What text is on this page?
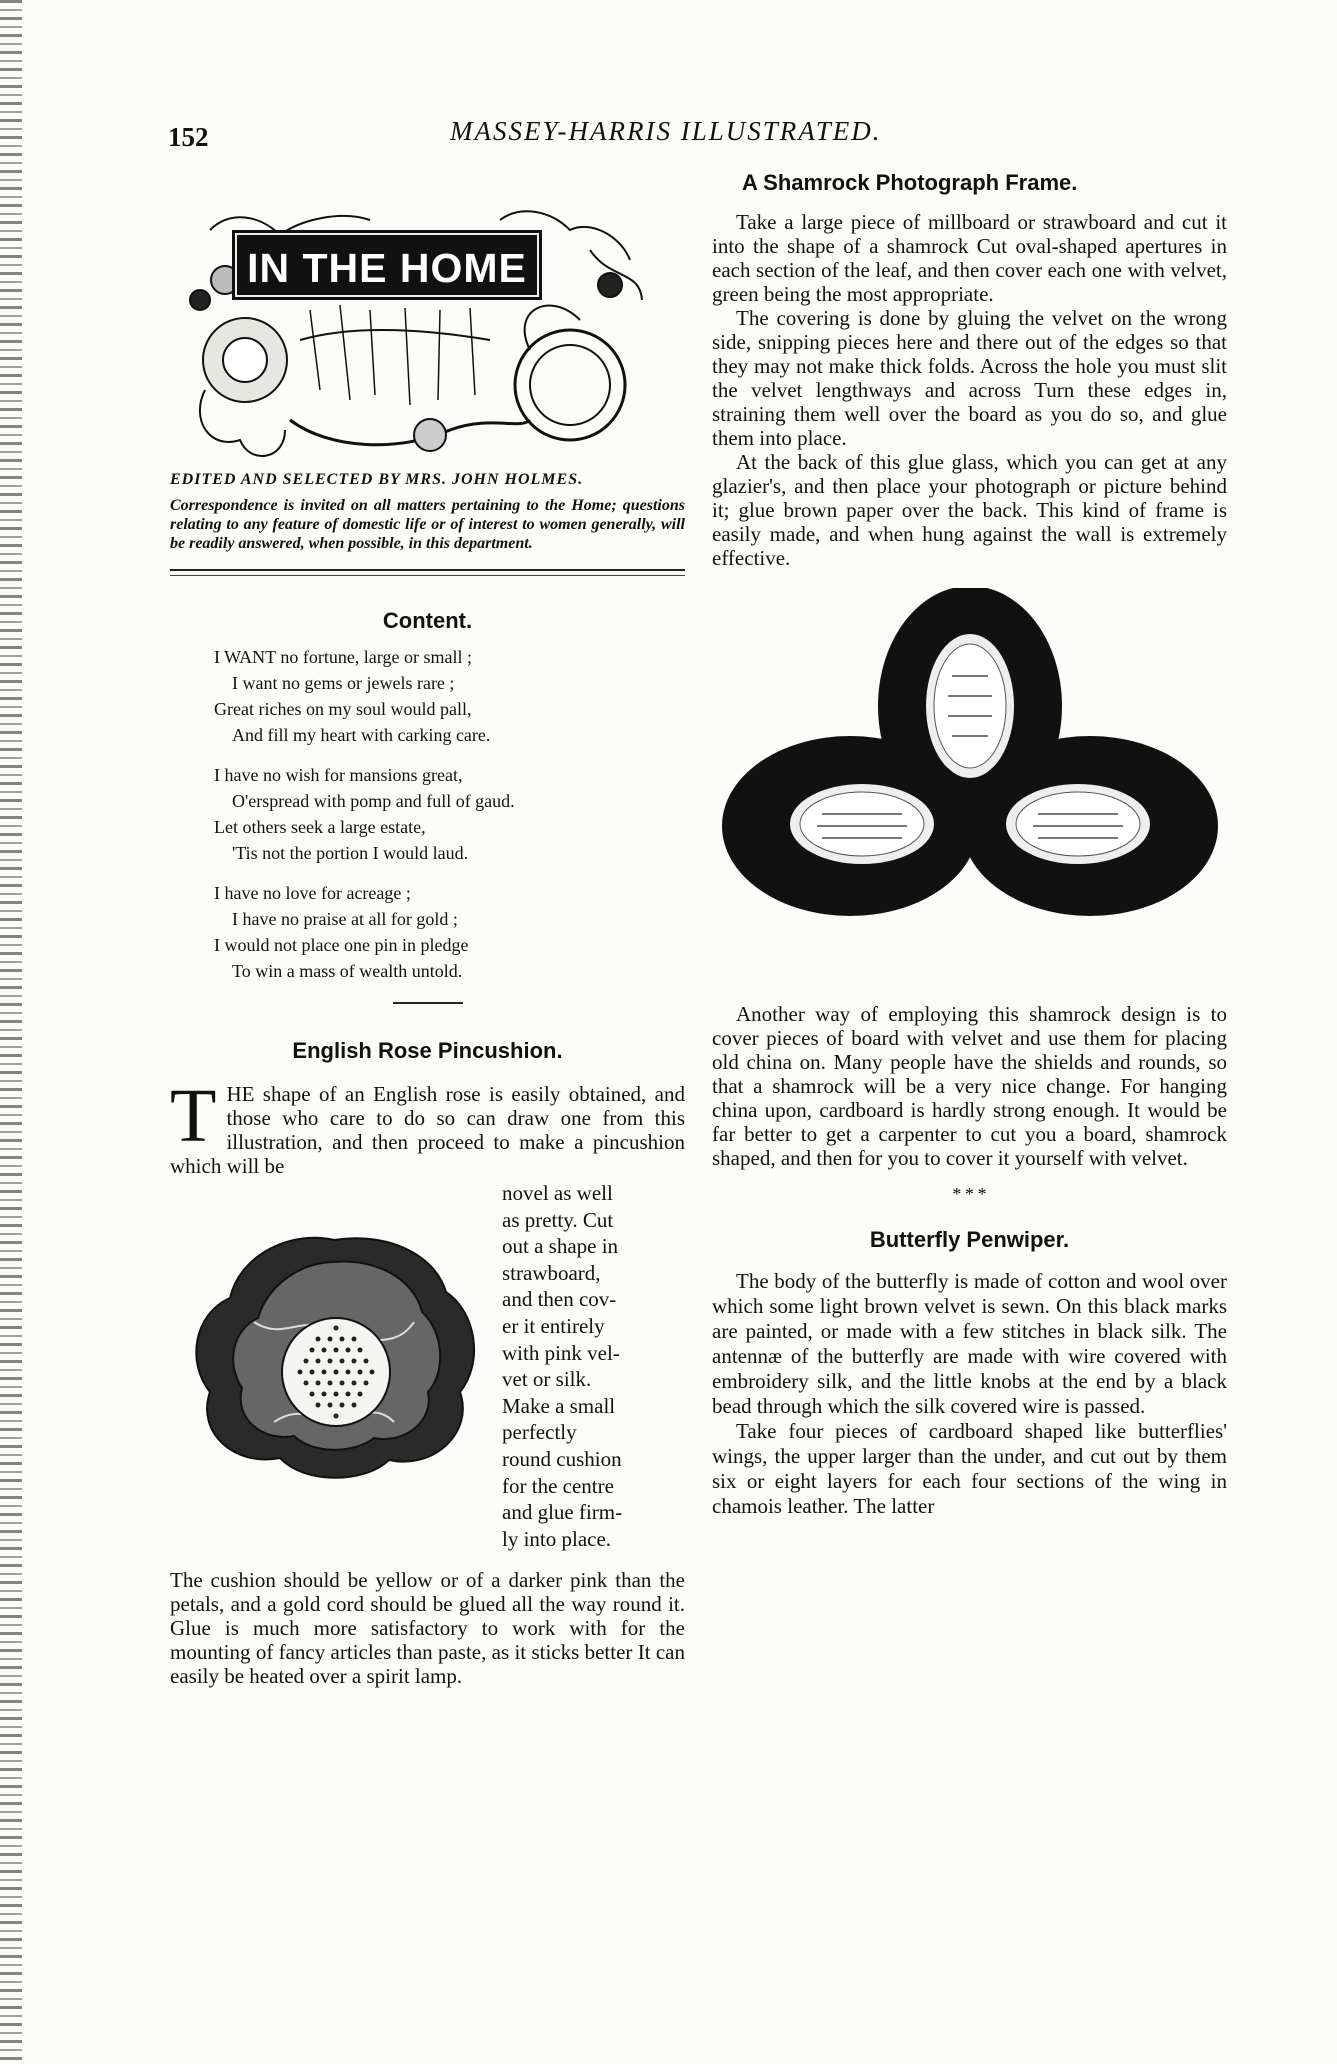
152	MASSEY-HARRIS ILLUSTRATED.
IN THE HOME
EDITED AND SELECTED BY MRS. JOHN HOLMES.
Correspondence is invited on all matters pertaining to the Home; questions relating to any feature of domestic life or of interest to women generally, will be readily answered, when possible, in this department.
Content.
I WANT no fortune, large or small ;
I want no gems or jewels rare ;
Great riches on my soul would pall,
And fill my heart with carking care.
I have no wish for mansions great,
O'erspread with pomp and full of gaud.
Let others seek a large estate,
'Tis not the portion I would laud.
I have no love for acreage ;
I have no praise at all for gold ;
I would not place one pin in pledge
To win a mass of wealth untold.
English Rose Pincushion.
T HE shape of an English rose is easily obtained, and those who care to do so can draw one from this illustration, and then proceed to make a pincushion which will be

novel as well
as pretty. Cut
out a shape in
strawboard,
and then cov-
er it entirely
with pink vel-
vet or silk.
Make a small
perfectly
round cushion
for the centre
and glue firm-
ly into place.

The cushion should be yellow or of a darker pink than the petals, and a gold cord should be glued all the way round it. Glue is much more satisfactory to work with for the mounting of fancy articles than paste, as it sticks better It can easily be heated over a spirit lamp.

A Shamrock Photograph Frame.

Take a large piece of millboard or strawboard and cut it into the shape of a shamrock Cut oval-shaped apertures in each section of the leaf, and then cover each one with velvet, green being the most appropriate.

The covering is done by gluing the velvet on the wrong side, snipping pieces here and there out of the edges so that they may not make thick folds. Across the hole you must slit the velvet lengthways and across Turn these edges in, straining them well over the board as you do so, and glue them into place.

At the back of this glue glass, which you can get at any glazier's, and then place your photograph or picture behind it; glue brown paper over the back. This kind of frame is easily made, and when hung against the wall is extremely effective.

Another way of employing this shamrock design is to cover pieces of board with velvet and use them for placing old china on. Many people have the shields and rounds, so that a shamrock will be a very nice change. For hanging china upon, cardboard is hardly strong enough. It would be far better to get a carpenter to cut you a board, shamrock shaped, and then for you to cover it yourself with velvet.

* * *
Butterfly Penwiper.

The body of the butterfly is made of cotton and wool over which some light brown velvet is sewn. On this black marks are painted, or made with a few stitches in black silk. The antennæ of the butterfly are made with wire covered with embroidery silk, and the little knobs at the end by a black bead through which the silk covered wire is passed.

Take four pieces of cardboard shaped like butterflies' wings, the upper larger than the under, and cut out by them six or eight layers for each four sections of the wing in chamois leather. The latter
